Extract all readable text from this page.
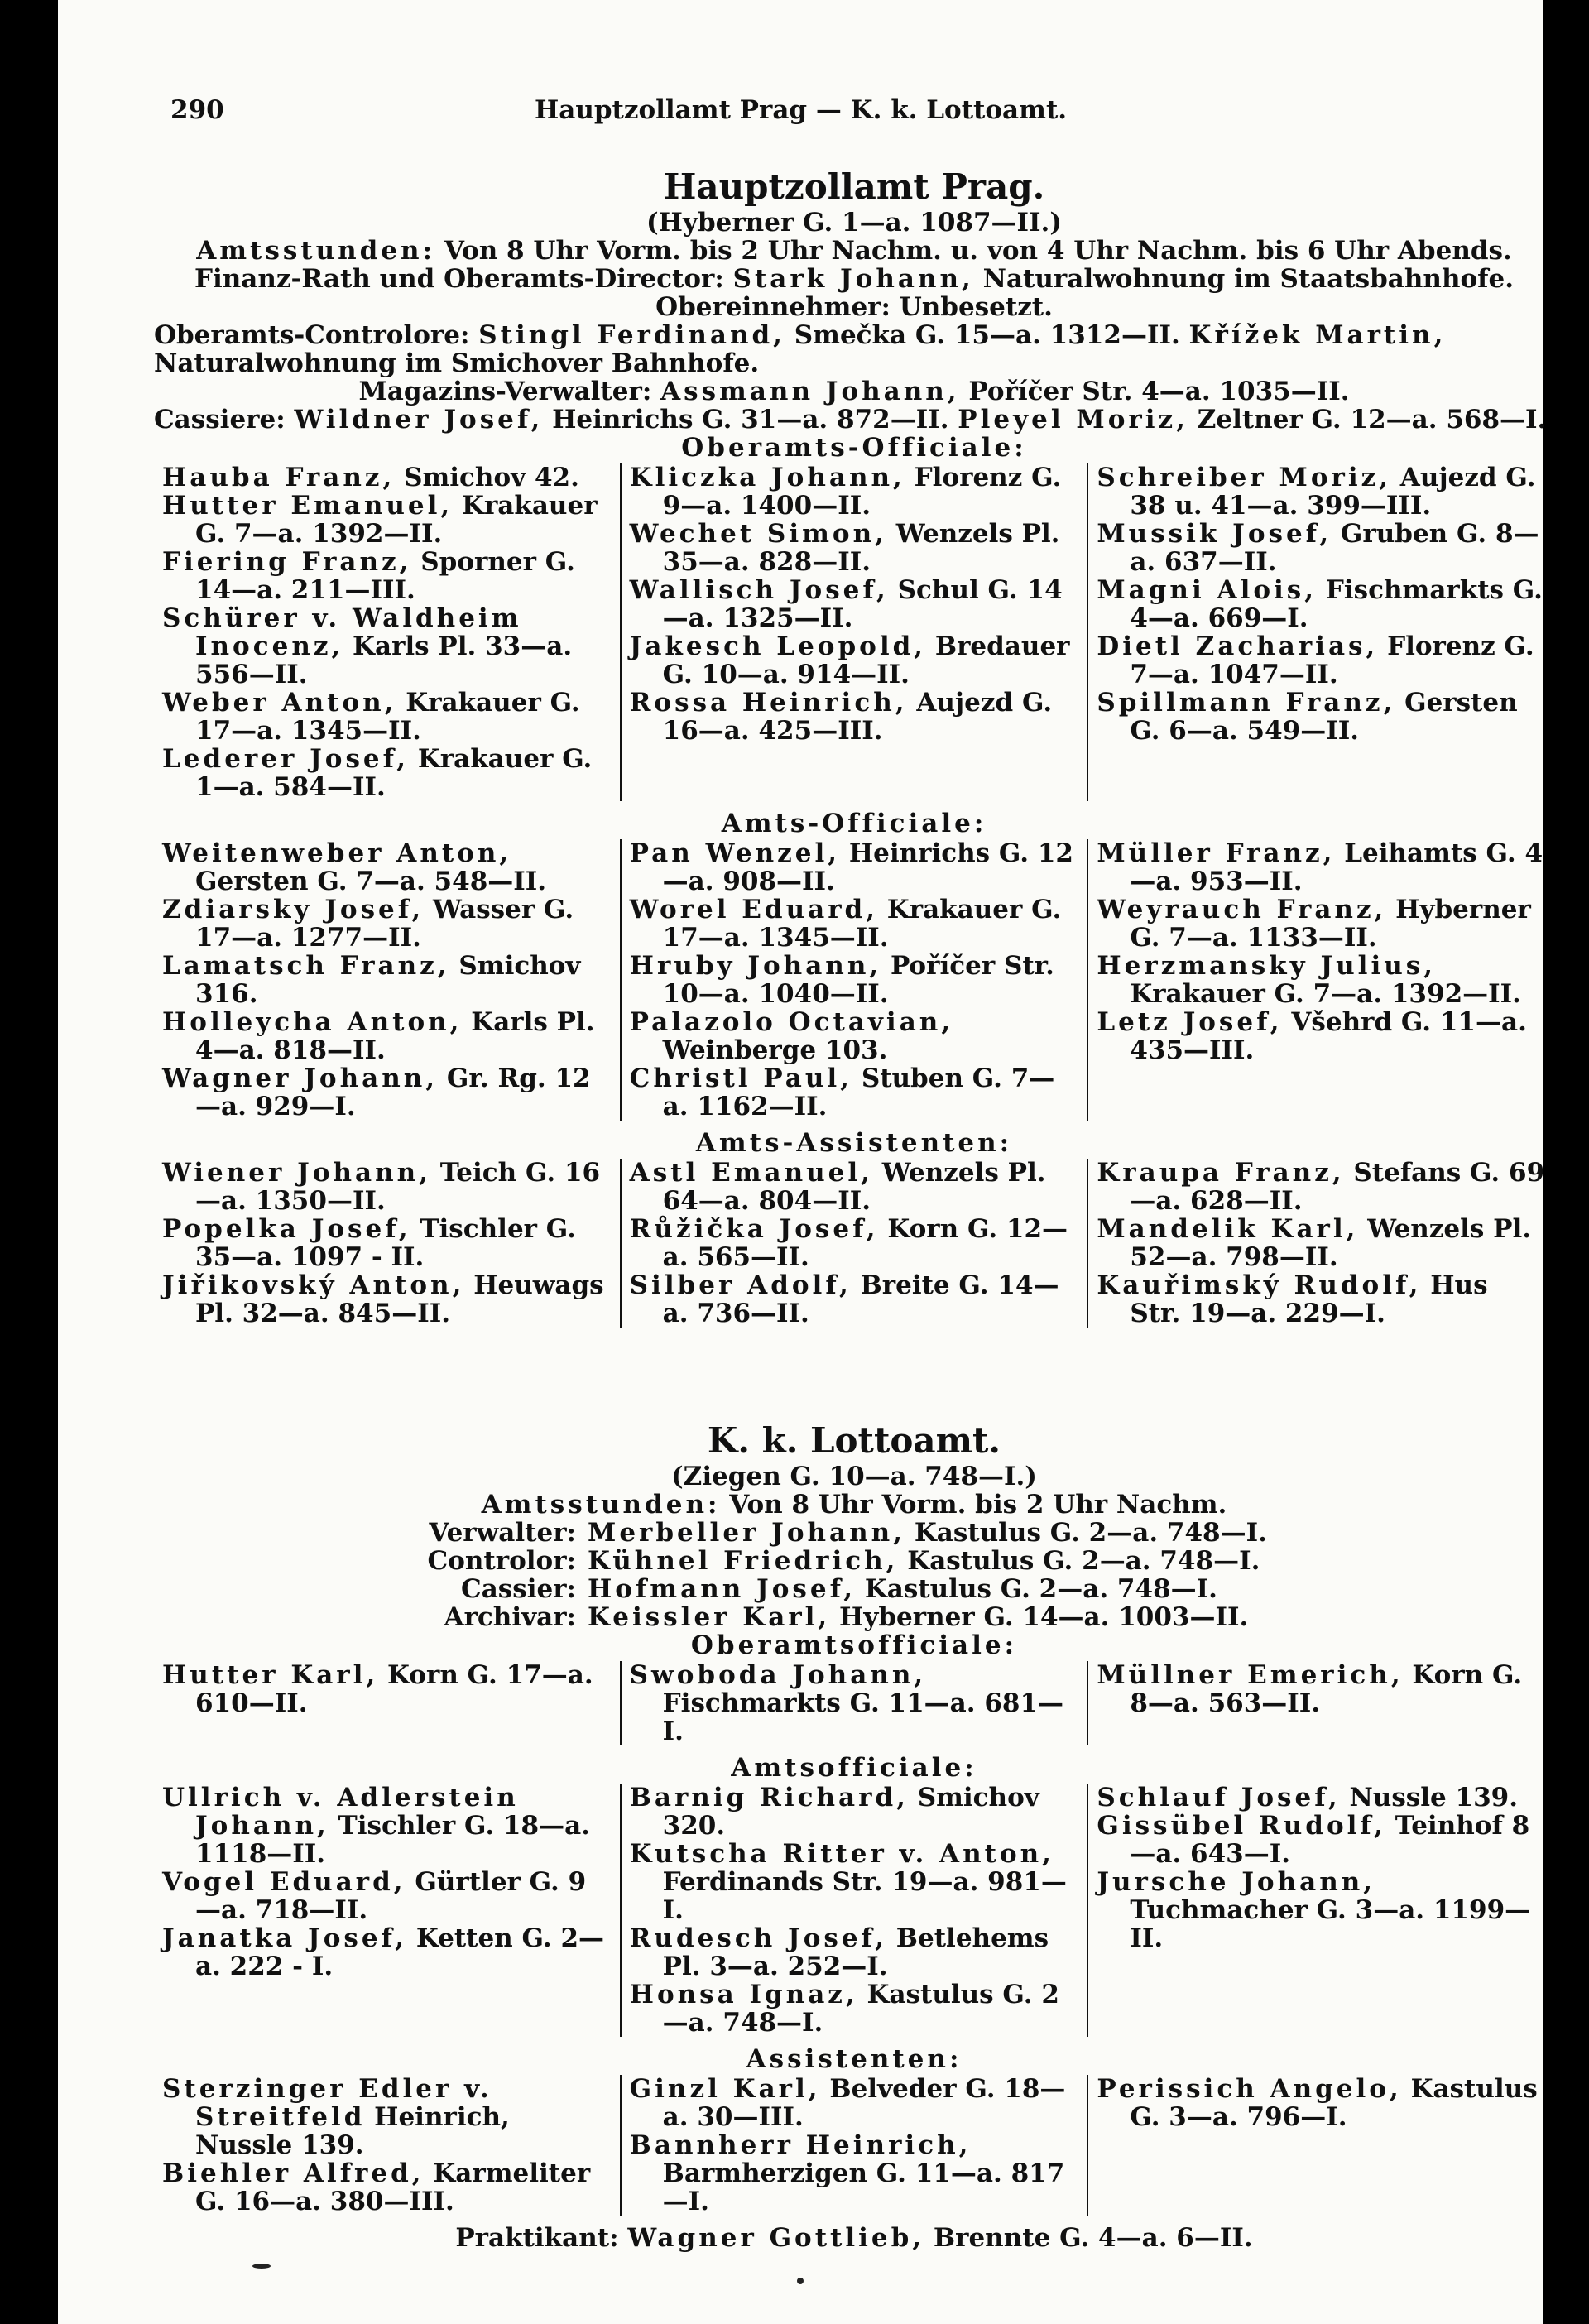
290	Hauptzollamt Prag — K. k. Lottoamt.
Hauptzollamt Prag.
(Hyberner G. 1—a. 1087—II.)
Amtsstunden: Von 8 Uhr Vorm. bis 2 Uhr Nachm. u. von 4 Uhr Nachm. bis 6 Uhr Abends.
Finanz-Rath und Oberamts-Director: Stark Johann, Naturalwohnung im Staatsbahnhofe.
Obereinnehmer: Unbesetzt.
Oberamts-Controlore: Stingl Ferdinand, Smečka G. 15—a. 1312—II. Křížek Martin, Naturalwohnung im Smichover Bahnhofe.
Magazins-Verwalter: Assmann Johann, Poříčer Str. 4—a. 1035—II.
Cassiere: Wildner Josef, Heinrichs G. 31—a. 872—II. Pleyel Moriz, Zeltner G. 12—a. 568—I.
Oberamts-Officiale:
Hauba Franz, Smichov 42.
Hutter Emanuel, Krakauer G. 7—a. 1392—II.
Fiering Franz, Sporner G. 14—a. 211—III.
Schürer v. Waldheim Inocenz, Karls Pl. 33—a. 556—II.
Weber Anton, Krakauer G. 17—a. 1345—II.
Lederer Josef, Krakauer G. 1—a. 584—II.
Kliczka Johann, Florenz G. 9—a. 1400—II.
Wechet Simon, Wenzels Pl. 35—a. 828—II.
Wallisch Josef, Schul G. 14—a. 1325—II.
Jakesch Leopold, Bredauer G. 10—a. 914—II.
Rossa Heinrich, Aujezd G. 16—a. 425—III.
Schreiber Moriz, Aujezd G. 38 u. 41—a. 399—III.
Mussik Josef, Gruben G. 8—a. 637—II.
Magni Alois, Fischmarkts G. 4—a. 669—I.
Dietl Zacharias, Florenz G. 7—a. 1047—II.
Spillmann Franz, Gersten G. 6—a. 549—II.
Amts-Officiale:
Weitenweber Anton, Gersten G. 7—a. 548—II.
Zdiarsky Josef, Wasser G. 17—a. 1277—II.
Lamatsch Franz, Smichov 316.
Holleycha Anton, Karls Pl. 4—a. 818—II.
Wagner Johann, Gr. Rg. 12—a. 929—I.
Pan Wenzel, Heinrichs G. 12—a. 908—II.
Worel Eduard, Krakauer G. 17—a. 1345—II.
Hruby Johann, Poříčer Str. 10—a. 1040—II.
Palazolo Octavian, Weinberge 103.
Christl Paul, Stuben G. 7—a. 1162—II.
Müller Franz, Leihamts G. 4—a. 953—II.
Weyrauch Franz, Hyberner G. 7—a. 1133—II.
Herzmansky Julius, Krakauer G. 7—a. 1392—II.
Letz Josef, Všehrd G. 11—a. 435—III.
Amts-Assistenten:
Wiener Johann, Teich G. 16—a. 1350—II.
Popelka Josef, Tischler G. 35—a. 1097 - II.
Jiřikovský Anton, Heuwags Pl. 32—a. 845—II.
Astl Emanuel, Wenzels Pl. 64—a. 804—II.
Růžička Josef, Korn G. 12—a. 565—II.
Silber Adolf, Breite G. 14—a. 736—II.
Kraupa Franz, Stefans G. 69—a. 628—II.
Mandelik Karl, Wenzels Pl. 52—a. 798—II.
Kauřimský Rudolf, Hus Str. 19—a. 229—I.
K. k. Lottoamt.
(Ziegen G. 10—a. 748—I.)
Amtsstunden: Von 8 Uhr Vorm. bis 2 Uhr Nachm.
Verwalter: Merbeller Johann, Kastulus G. 2—a. 748—I.
Controlor: Kühnel Friedrich, Kastulus G. 2—a. 748—I.
Cassier: Hofmann Josef, Kastulus G. 2—a. 748—I.
Archivar: Keissler Karl, Hyberner G. 14—a. 1003—II.
Oberamtsofficiale:
Hutter Karl, Korn G. 17—a. 610—II.
Swoboda Johann, Fischmarkts G. 11—a. 681—I.
Müllner Emerich, Korn G. 8—a. 563—II.
Amtsofficiale:
Ullrich v. Adlerstein Johann, Tischler G. 18—a. 1118—II.
Vogel Eduard, Gürtler G. 9—a. 718—II.
Janatka Josef, Ketten G. 2—a. 222 - I.
Barnig Richard, Smichov 320.
Kutscha Ritter v. Anton, Ferdinands Str. 19—a. 981—I.
Rudesch Josef, Betlehems Pl. 3—a. 252—I.
Honsa Ignaz, Kastulus G. 2—a. 748—I.
Schlauf Josef, Nussle 139.
Gissübel Rudolf, Teinhof 8—a. 643—I.
Jursche Johann, Tuchmacher G. 3—a. 1199—II.
Assistenten:
Sterzinger Edler v. Streitfeld Heinrich, Nussle 139.
Biehler Alfred, Karmeliter G. 16—a. 380—III.
Ginzl Karl, Belveder G. 18—a. 30—III.
Bannherr Heinrich, Barmherzigen G. 11—a. 817—I.
Perissich Angelo, Kastulus G. 3—a. 796—I.
Praktikant: Wagner Gottlieb, Brennte G. 4—a. 6—II.
